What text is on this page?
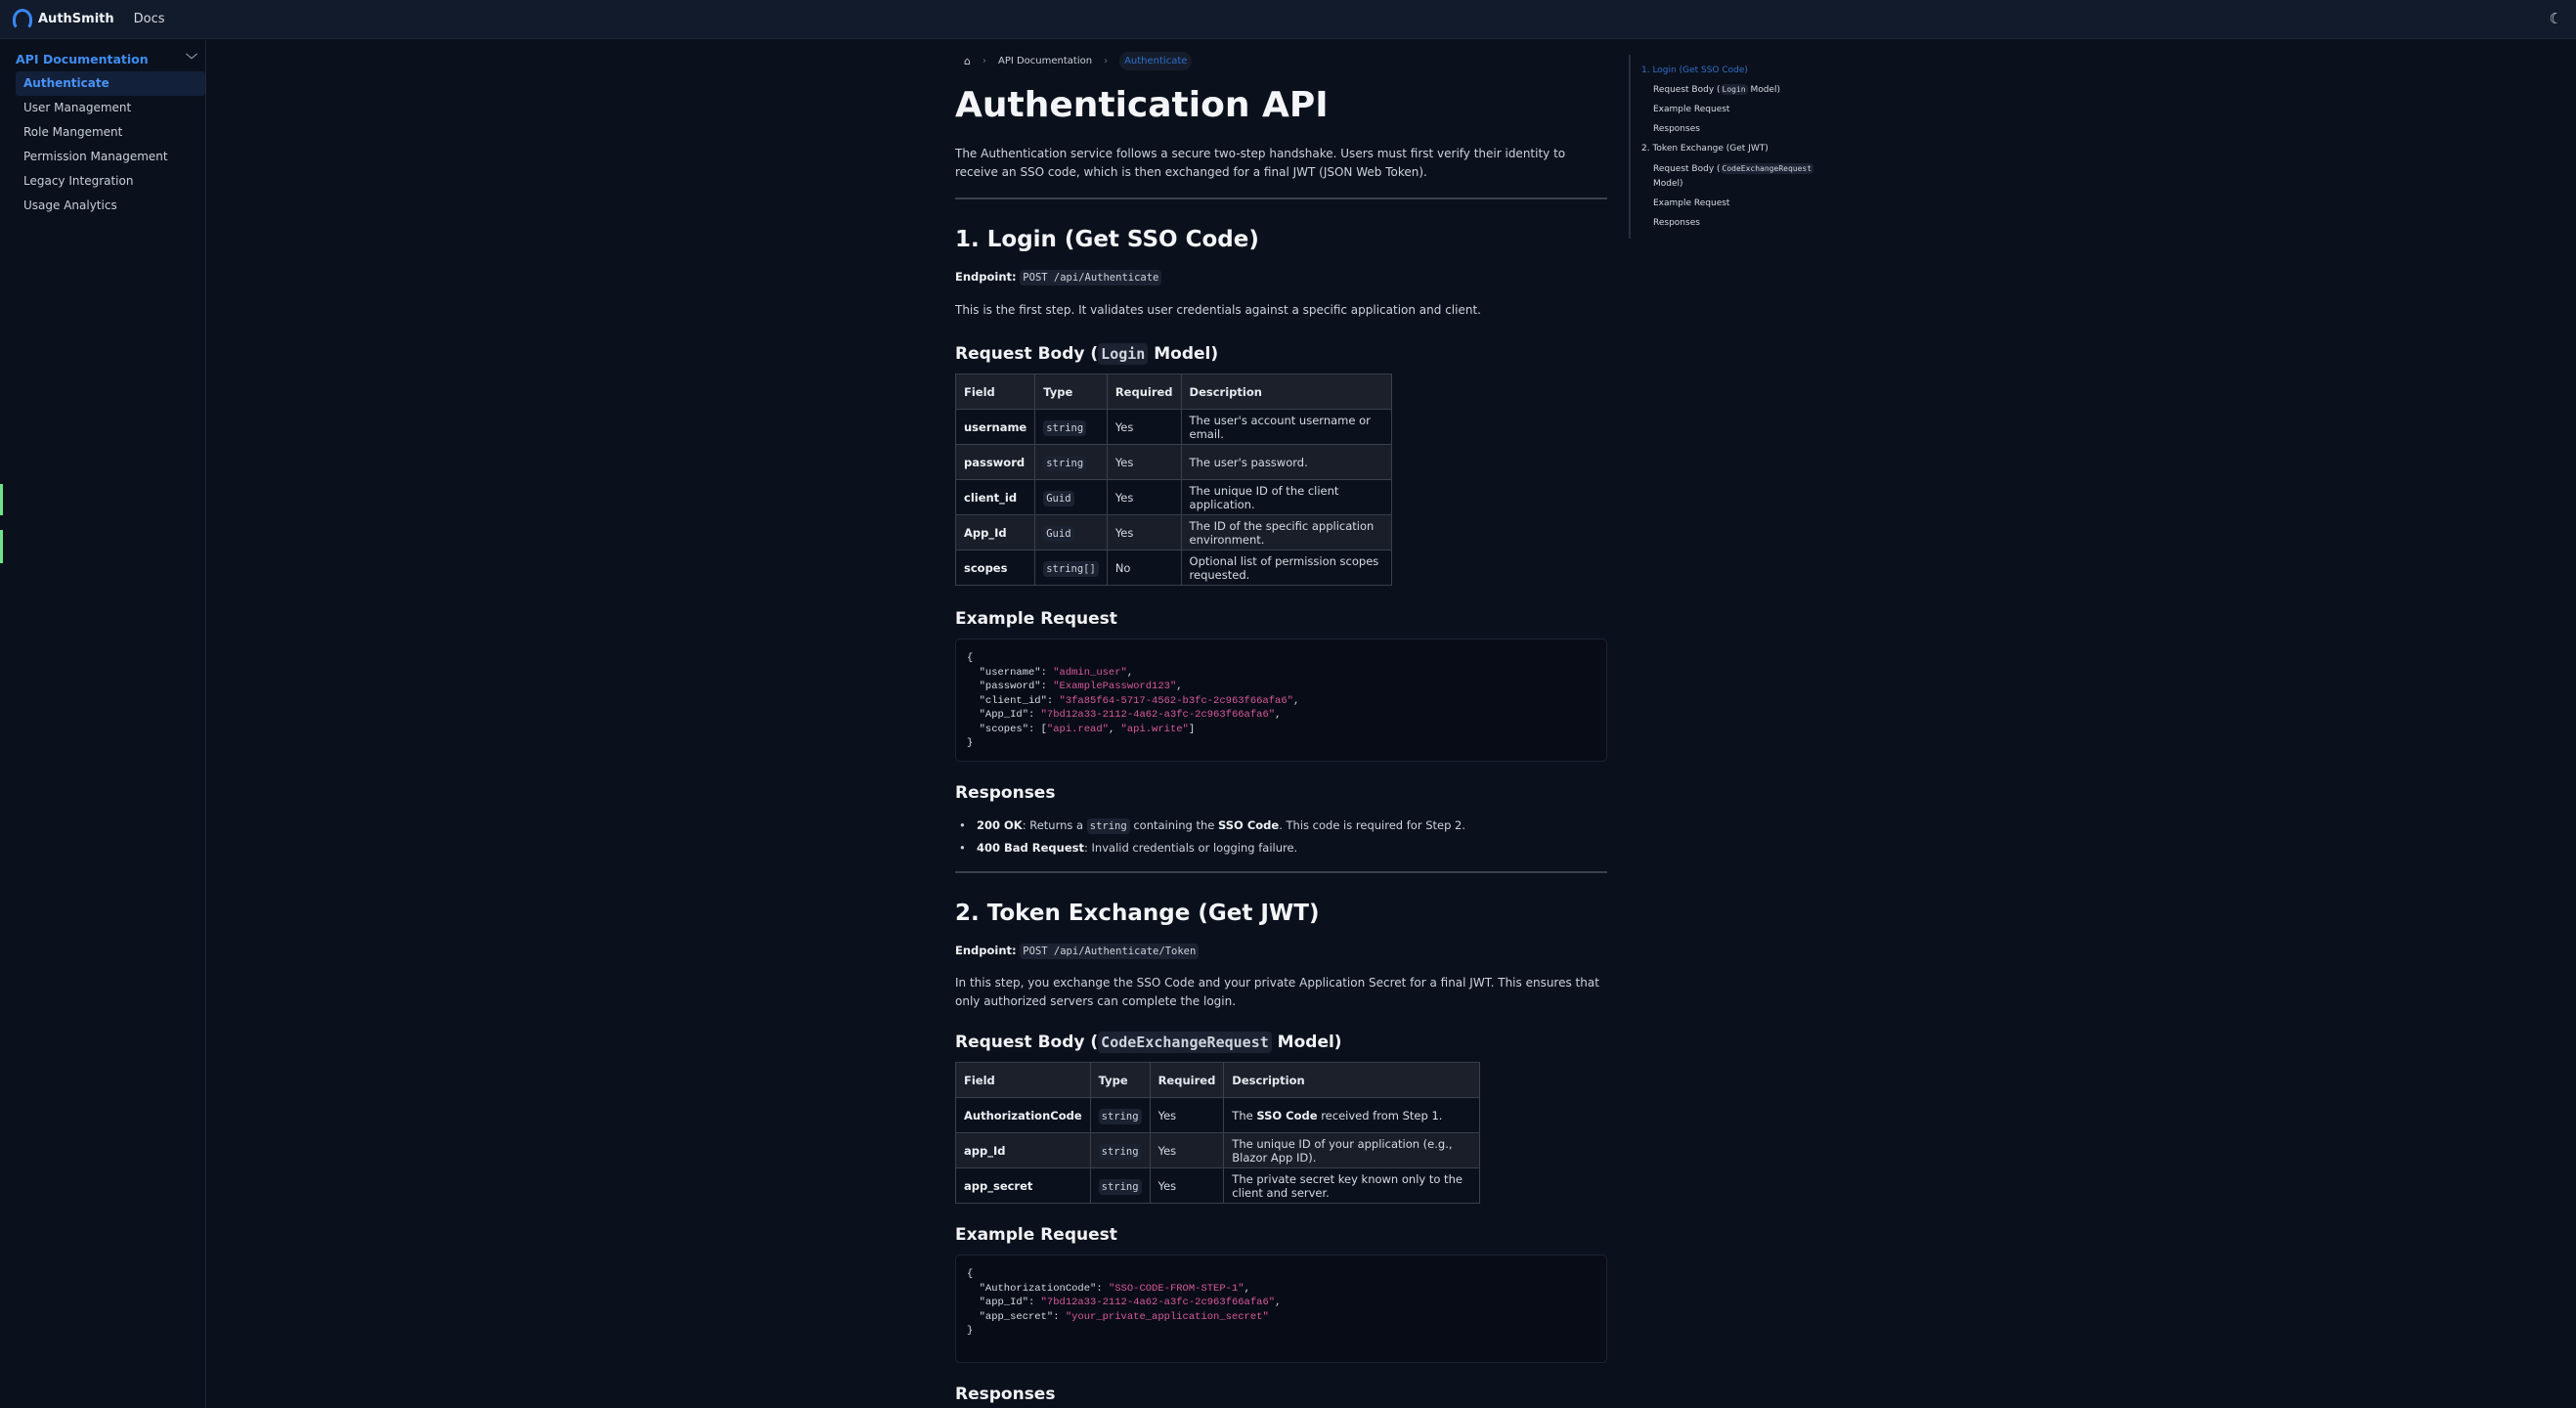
AuthSmith Docs	☾
API Documentation	﹀
Authenticate
User Management
Role Mangement
Permission Management
Legacy Integration
Usage Analytics
⌂ › API Documentation ›	Authenticate
Authentication API

The Authentication service follows a secure two-step handshake. Users must first verify their identity to receive an SSO code, which is then exchanged for a final JWT (JSON Web Token).

1. Login (Get SSO Code)

Endpoint: POST /api/Authenticate

This is the first step. It validates user credentials against a specific application and client.

Request Body ( Login Model)
Field	Type	Required	Description
username	string	Yes	The user's account username or email.
password	string	Yes	The user's password.
client_id	Guid	Yes	The unique ID of the client application.
App_Id	Guid	Yes	The ID of the specific application environment.
scopes	string[]	No	Optional list of permission scopes requested.
Example Request
{
"username": "admin_user",
"password": "ExamplePassword123",
"client_id": "3fa85f64-5717-4562-b3fc-2c963f66afa6",
"App_Id": "7bd12a33-2112-4a62-a3fc-2c963f66afa6",
"scopes": ["api.read", "api.write"]
}
Responses
• 200 OK: Returns a string containing the SSO Code. This code is required for Step 2.
• 400 Bad Request: Invalid credentials or logging failure.
2. Token Exchange (Get JWT)

Endpoint: POST /api/Authenticate/Token

In this step, you exchange the SSO Code and your private Application Secret for a final JWT. This ensures that only authorized servers can complete the login.

Request Body ( CodeExchangeRequest Model)
Field	Type	Required	Description
AuthorizationCode	string	Yes	The SSO Code received from Step 1.
app_Id	string	Yes	The unique ID of your application (e.g., Blazor App ID).
app_secret	string	Yes	The private secret key known only to the client and server.
Example Request
{
"AuthorizationCode": "SSO-CODE-FROM-STEP-1",
"app_Id": "7bd12a33-2112-4a62-a3fc-2c963f66afa6",
"app_secret": "your_private_application_secret"
}
Responses
1. Login (Get SSO Code)
Request Body ( Login Model)
Example Request
Responses
2. Token Exchange (Get JWT)
Request Body ( CodeExchangeRequest
Model)
Example Request
Responses
